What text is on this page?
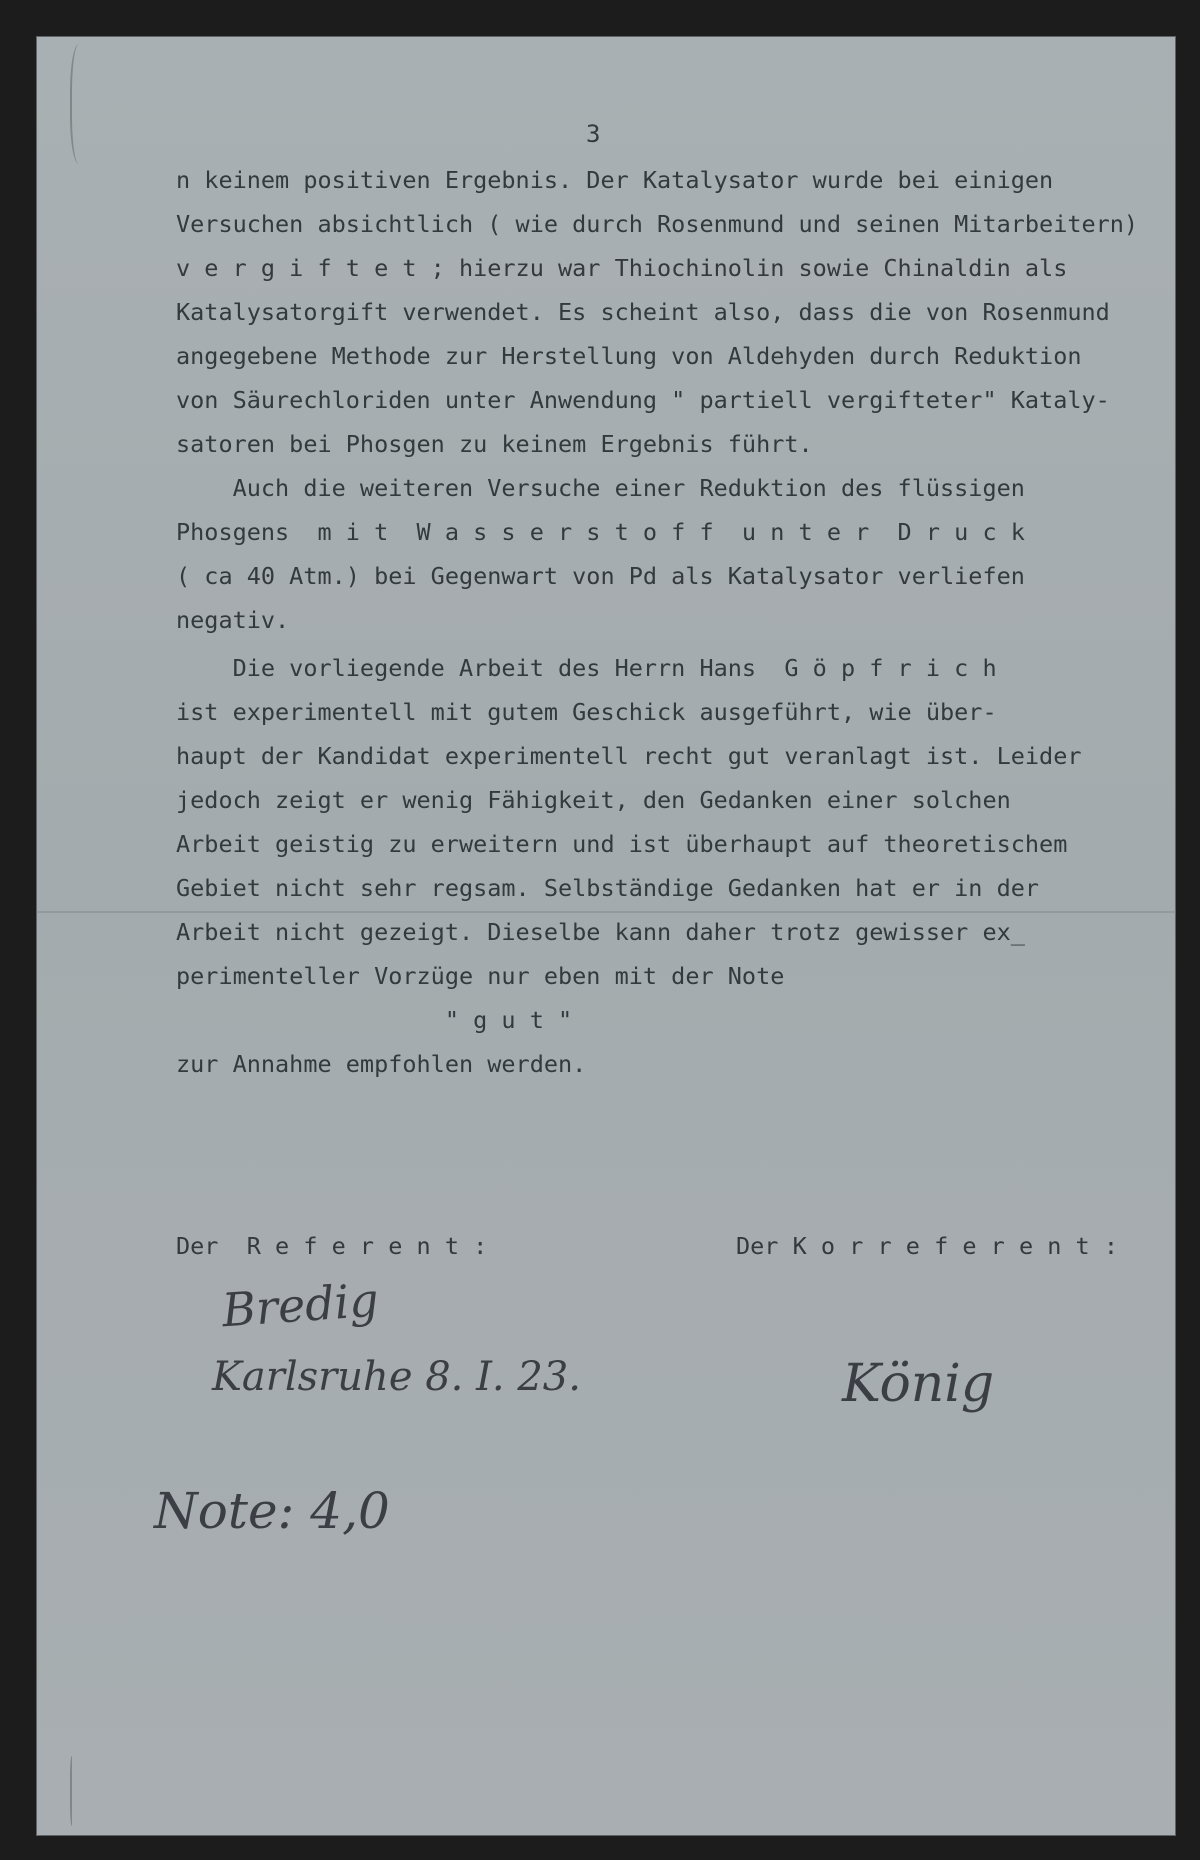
3
n keinem positiven Ergebnis. Der Katalysator wurde bei einigen
Versuchen absichtlich ( wie durch Rosenmund und seinen Mitarbeitern)
v e r g i f t e t ; hierzu war Thiochinolin sowie Chinaldin als
Katalysatorgift verwendet. Es scheint also, dass die von Rosenmund
angegebene Methode zur Herstellung von Aldehyden durch Reduktion
von Säurechloriden unter Anwendung " partiell vergifteter" Kataly-
satoren bei Phosgen zu keinem Ergebnis führt.
Auch die weiteren Versuche einer Reduktion des flüssigen
Phosgens  m i t  W a s s e r s t o f f  u n t e r  D r u c k
( ca 40 Atm.) bei Gegenwart von Pd als Katalysator verliefen
negativ.
Die vorliegende Arbeit des Herrn Hans  G ö p f r i c h
ist experimentell mit gutem Geschick ausgeführt, wie über-
haupt der Kandidat experimentell recht gut veranlagt ist. Leider
jedoch zeigt er wenig Fähigkeit, den Gedanken einer solchen
Arbeit geistig zu erweitern und ist überhaupt auf theoretischem
Gebiet nicht sehr regsam. Selbständige Gedanken hat er in der
Arbeit nicht gezeigt. Dieselbe kann daher trotz gewisser ex_
perimenteller Vorzüge nur eben mit der Note
" g u t "
zur Annahme empfohlen werden.
Der  R e f e r e n t :	Der K o r r e f e r e n t :
Bredig
Karlsruhe 8. I. 23.	König
Note: 4,0
